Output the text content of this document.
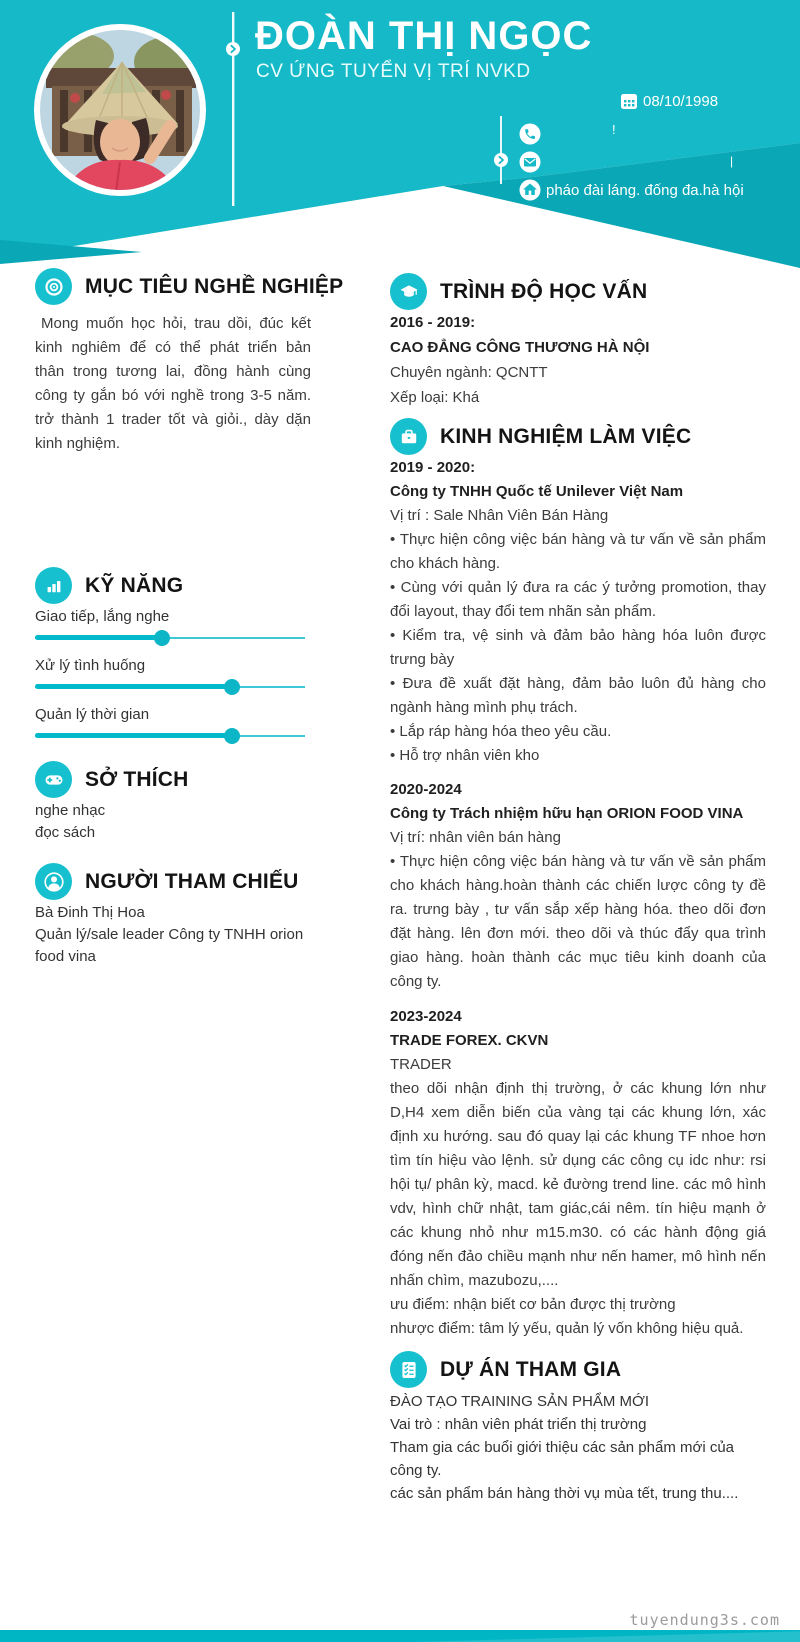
ĐOÀN THỊ NGỌC
CV ỨNG TUYỂN VỊ TRÍ NVKD
08/10/1998
!
|
pháo đài láng. đống đa.hà hội
MỤC TIÊU NGHỀ NGHIỆP
Mong muốn học hỏi, trau dồi, đúc kết kinh nghiêm để có thể phát triển bản thân trong tương lai, đồng hành cùng công ty gắn bó với nghề trong 3-5 năm. trở thành 1 trader tốt và giỏi., dày dặn kinh nghiệm.
KỸ NĂNG
Giao tiếp, lắng nghe
Xử lý tình huống
Quản lý thời gian
SỞ THÍCH
nghe nhạc
đọc sách
NGƯỜI THAM CHIẾU
Bà Đinh Thị Hoa
Quản lý/sale leader Công ty TNHH orion food vina
TRÌNH ĐỘ HỌC VẤN
2016 - 2019:
CAO ĐẲNG CÔNG THƯƠNG HÀ NỘI
Chuyên ngành: QCNTT
Xếp loại: Khá
KINH NGHIỆM LÀM VIỆC
2019 - 2020:
Công ty TNHH Quốc tế Unilever Việt Nam
Vị trí : Sale Nhân Viên Bán Hàng

• Thực hiện công việc bán hàng và tư vấn về sản phẩm cho khách hàng.

• Cùng với quản lý đưa ra các ý tưởng promotion, thay đổi layout, thay đổi tem nhãn sản phẩm.

• Kiểm tra, vệ sinh và đảm bảo hàng hóa luôn được trưng bày

• Đưa đề xuất đặt hàng, đảm bảo luôn đủ hàng cho ngành hàng mình phụ trách.

• Lắp ráp hàng hóa theo yêu cầu.

• Hỗ trợ nhân viên kho

2020-2024
Công ty Trách nhiệm hữu hạn ORION FOOD VINA
Vị trí: nhân viên bán hàng

• Thực hiện công việc bán hàng và tư vấn về sản phẩm cho khách hàng.hoàn thành các chiến lược công ty đề ra. trưng bày , tư vấn sắp xếp hàng hóa. theo dõi đơn đặt hàng. lên đơn mới. theo dõi và thúc đẩy qua trình giao hàng. hoàn thành các mục tiêu kinh doanh của công ty.

2023-2024
TRADE FOREX. CKVN
TRADER

theo dõi nhận định thị trường, ở các khung lớn như D,H4 xem diễn biến của vàng tại các khung lớn, xác định xu hướng. sau đó quay lại các khung TF nhoe hơn tìm tín hiệu vào lệnh. sử dụng các công cụ idc như: rsi hội tụ/ phân kỳ, macd. kẻ đường trend line. các mô hình vdv, hình chữ nhật, tam giác,cái nêm. tín hiệu mạnh ở các khung nhỏ như m15.m30. có các hành động giá đóng nến đảo chiều mạnh như nến hamer, mô hình nến nhấn chìm, mazubozu,....

ưu điểm: nhận biết cơ bản được thị trường
nhược điểm: tâm lý yếu, quản lý vốn không hiệu quả.
DỰ ÁN THAM GIA
ĐÀO TẠO TRAINING SẢN PHẨM MỚI
Vai trò : nhân viên phát triển thị trường
Tham gia các buổi giới thiệu các sản phẩm mới của công ty.
các sản phẩm bán hàng thời vụ mùa tết, trung thu....
tuyendung3s.com
